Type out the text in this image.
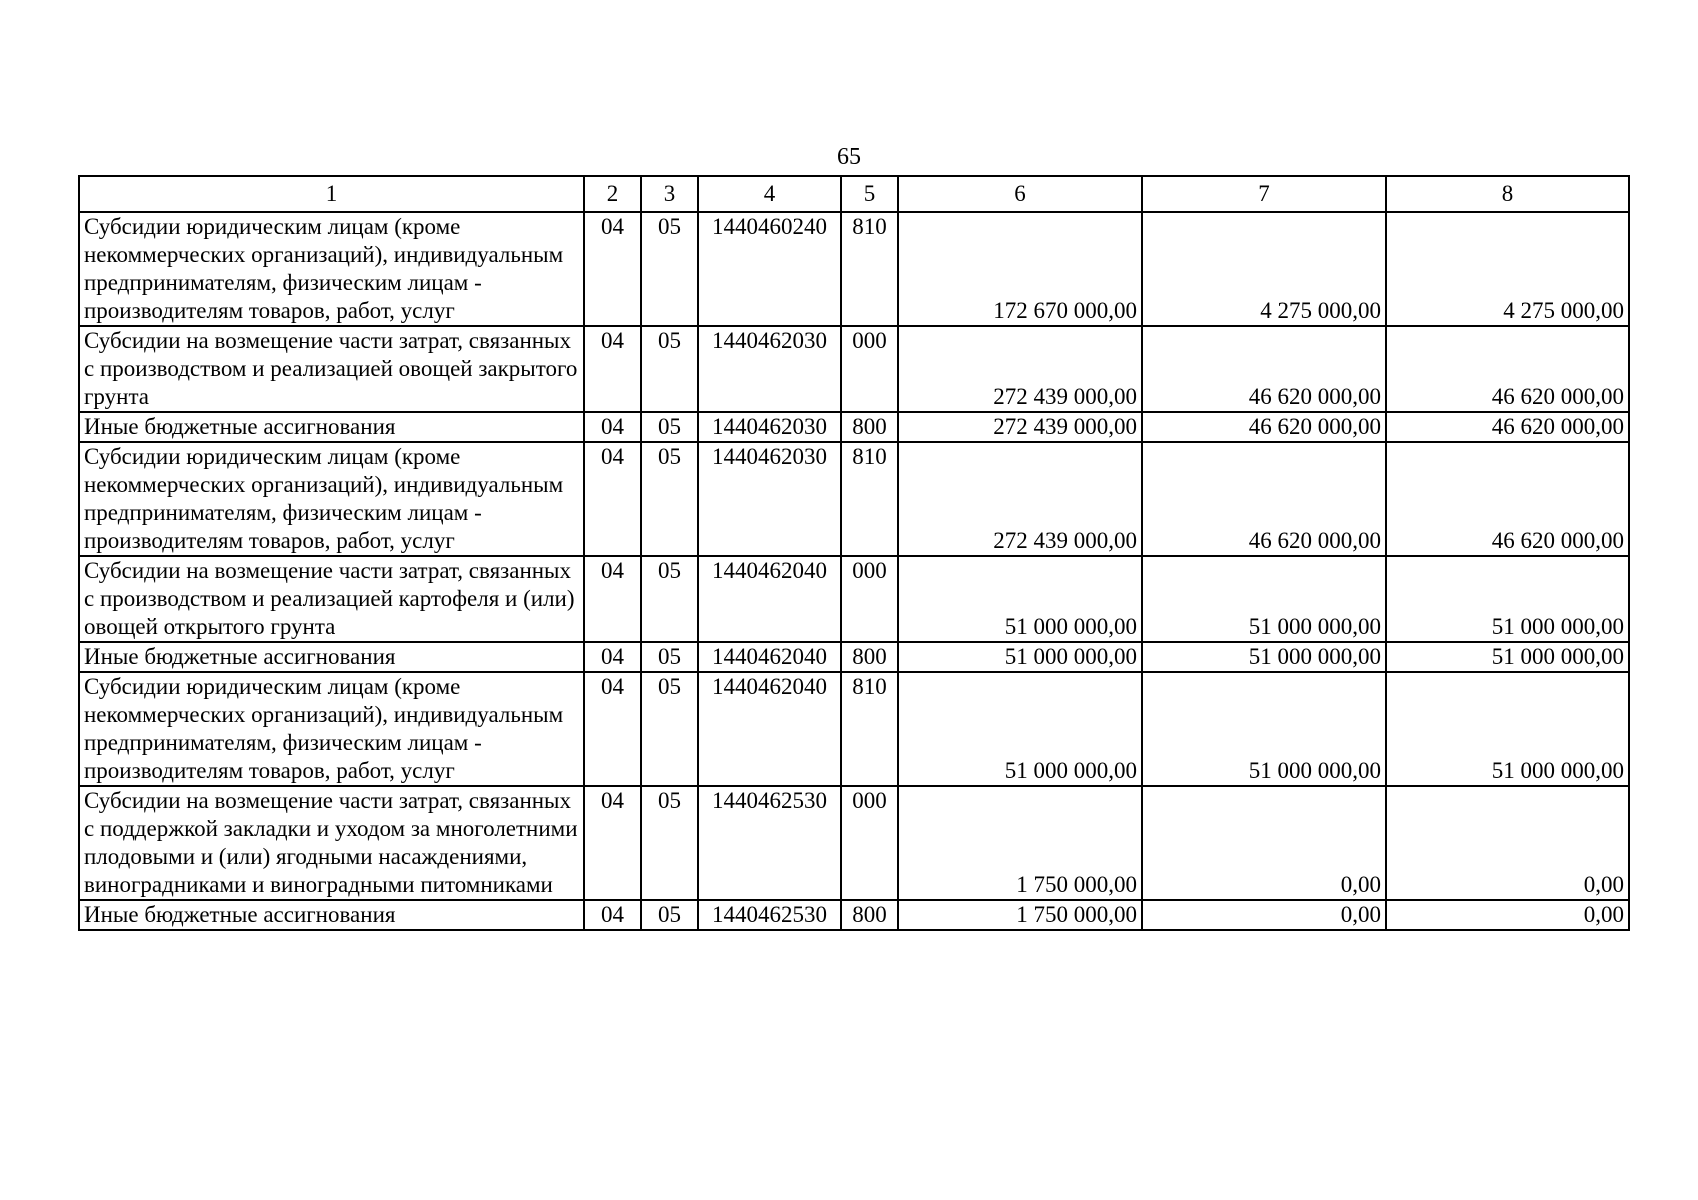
65
1	2	3	4	5	6	7	8
Субсидии юридическим лицам (кроме некоммерческих организаций), индивидуальным предпринимателям, физическим лицам - производителям товаров, работ, услуг	04	05	1440460240	810	172 670 000,00	4 275 000,00	4 275 000,00
Субсидии на возмещение части затрат, связанных с производством и реализацией овощей закрытого грунта	04	05	1440462030	000	272 439 000,00	46 620 000,00	46 620 000,00
Иные бюджетные ассигнования	04	05	1440462030	800	272 439 000,00	46 620 000,00	46 620 000,00
Субсидии юридическим лицам (кроме некоммерческих организаций), индивидуальным предпринимателям, физическим лицам - производителям товаров, работ, услуг	04	05	1440462030	810	272 439 000,00	46 620 000,00	46 620 000,00
Субсидии на возмещение части затрат, связанных с производством и реализацией картофеля и (или) овощей открытого грунта	04	05	1440462040	000	51 000 000,00	51 000 000,00	51 000 000,00
Иные бюджетные ассигнования	04	05	1440462040	800	51 000 000,00	51 000 000,00	51 000 000,00
Субсидии юридическим лицам (кроме некоммерческих организаций), индивидуальным предпринимателям, физическим лицам - производителям товаров, работ, услуг	04	05	1440462040	810	51 000 000,00	51 000 000,00	51 000 000,00
Субсидии на возмещение части затрат, связанных с поддержкой закладки и уходом за многолетними плодовыми и (или) ягодными насаждениями, виноградниками и виноградными питомниками	04	05	1440462530	000	1 750 000,00	0,00	0,00
Иные бюджетные ассигнования	04	05	1440462530	800	1 750 000,00	0,00	0,00
